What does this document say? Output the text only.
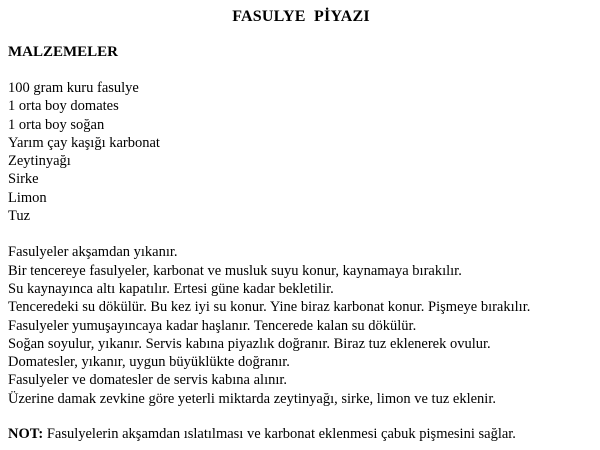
FASULYE  PİYAZI
MALZEMELER
100 gram kuru fasulye
1 orta boy domates
1 orta boy soğan
Yarım çay kaşığı karbonat
Zeytinyağı
Sirke
Limon
Tuz

Fasulyeler akşamdan yıkanır.

Bir tencereye fasulyeler, karbonat ve musluk suyu konur, kaynamaya bırakılır.

Su kaynayınca altı kapatılır. Ertesi güne kadar bekletilir.

Tenceredeki su dökülür. Bu kez iyi su konur. Yine biraz karbonat konur. Pişmeye bırakılır.

Fasulyeler yumuşayıncaya kadar haşlanır. Tencerede kalan su dökülür.

Soğan soyulur, yıkanır. Servis kabına piyazlık doğranır. Biraz tuz eklenerek ovulur.

Domatesler, yıkanır, uygun büyüklükte doğranır.

Fasulyeler ve domatesler de servis kabına alınır.

Üzerine damak zevkine göre yeterli miktarda zeytinyağı, sirke, limon ve tuz eklenir.

NOT: Fasulyelerin akşamdan ıslatılması ve karbonat eklenmesi çabuk pişmesini sağlar.
